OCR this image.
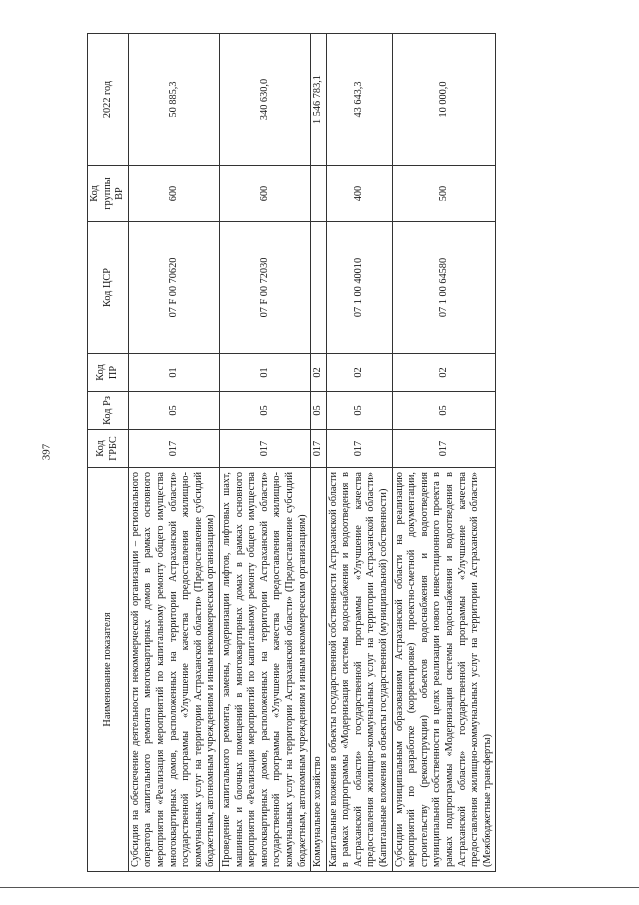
397
Наименование показателя	Код ГРБС	Код Рз	Код ПР	Код ЦСР	Код группы ВР	2022 год
Субсидия на обеспечение деятельности некоммерческой организации – регионального оператора капитального ремонта многоквартирных домов в рамках основного мероприятия «Реализация мероприятий по капитальному ремонту общего имущества многоквартирных домов, расположенных на территории Астраханской области» государственной программы «Улучшение качества предоставления жилищно-коммунальных услуг на территории Астраханской области» (Предоставление субсидий бюджетным, автономным учреждениям и иным некоммерческим организациям)	017	05	01	07 F 00 70620	600	50 885,3
Проведение капитального ремонта, замены, модернизации лифтов, лифтовых шахт, машинных и блочных помещений в многоквартирных домах в рамках основного мероприятия «Реализация мероприятий по капитальному ремонту общего имущества многоквартирных домов, расположенных на территории Астраханской области» государственной программы «Улучшение качества предоставления жилищно-коммунальных услуг на территории Астраханской области» (Предоставление субсидий бюджетным, автономным учреждениям и иным некоммерческим организациям)	017	05	01	07 F 00 72030	600	340 630,0
Коммунальное хозяйство	017	05	02			1 546 783,1
Капитальные вложения в объекты государственной собственности Астраханской области в рамках подпрограммы «Модернизация системы водоснабжения и водоотведения в Астраханской области» государственной программы «Улучшение качества предоставления жилищно-коммунальных услуг на территории Астраханской области» (Капитальные вложения в объекты государственной (муниципальной) собственности)	017	05	02	07 1 00 40010	400	43 643,3
Субсидии муниципальным образованиям Астраханской области на реализацию мероприятий по разработке (корректировке) проектно-сметной документации, строительству (реконструкции) объектов водоснабжения и водоотведения муниципальной собственности в целях реализации нового инвестиционного проекта в рамках подпрограммы «Модернизация системы водоснабжения и водоотведения в Астраханской области» государственной программы «Улучшение качества предоставления жилищно-коммунальных услуг на территории Астраханской области» (Межбюджетные трансферты)	017	05	02	07 1 00 64580	500	10 000,0
